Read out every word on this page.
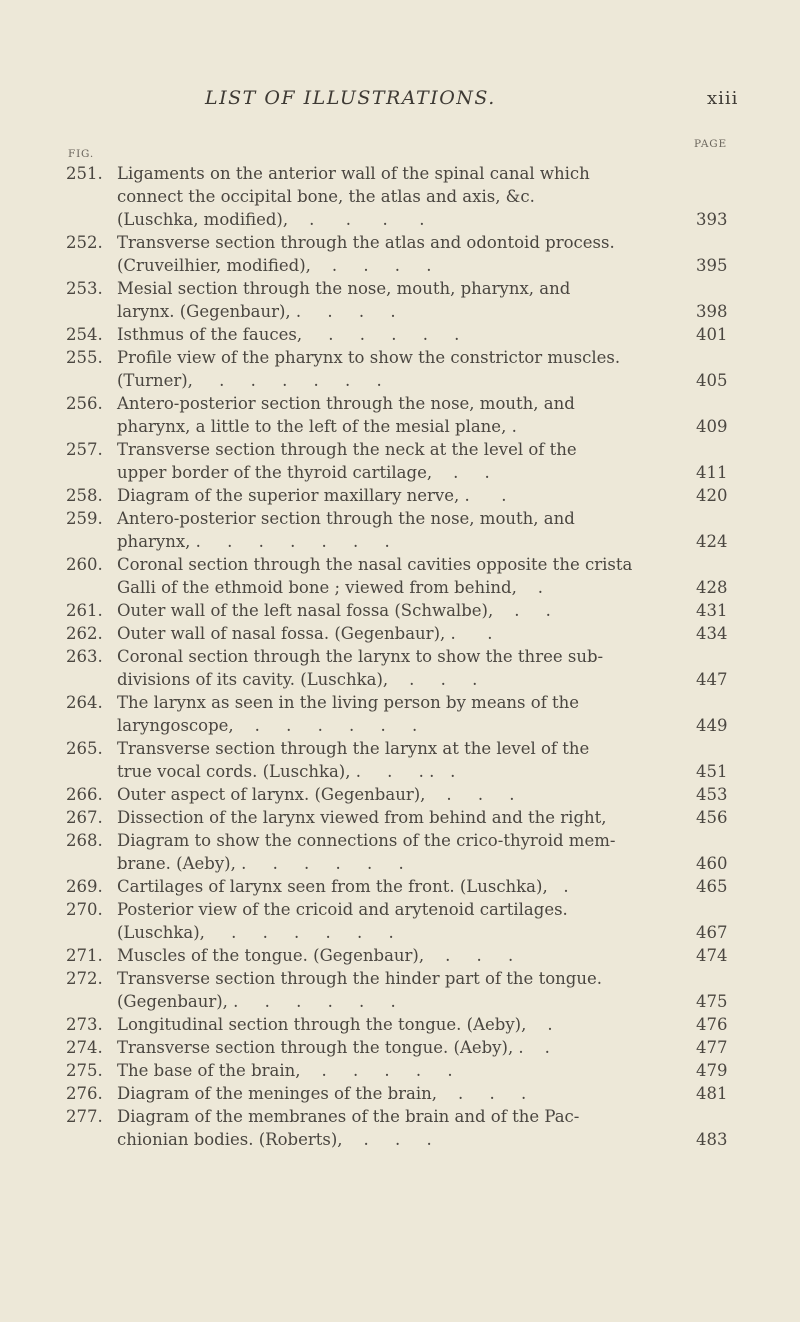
LIST OF ILLUSTRATIONS.	xiii
FIG.
PAGE
251. Ligaments on the anterior wall of the spinal canal which
connect the occipital bone, the atlas and axis, &c.
(Luschka, modified),    .      .      .      .	393
252. Transverse section through the atlas and odontoid process.
(Cruveilhier, modified),    .     .     .     .	395
253. Mesial section through the nose, mouth, pharynx, and
larynx. (Gegenbaur), .     .     .     .	398
254. Isthmus of the fauces,     .     .     .     .     .	401
255. Profile view of the pharynx to show the constrictor muscles.
(Turner),     .     .     .     .     .     .	405
256. Antero-posterior section through the nose, mouth, and
pharynx, a little to the left of the mesial plane, .	409
257. Transverse section through the neck at the level of the
upper border of the thyroid cartilage,    .     .	411
258. Diagram of the superior maxillary nerve, .      .	420
259. Antero-posterior section through the nose, mouth, and
pharynx, .     .     .     .     .     .     .	424
260. Coronal section through the nasal cavities opposite the crista
Galli of the ethmoid bone ; viewed from behind,    .	428
261. Outer wall of the left nasal fossa (Schwalbe),    .     .	431
262. Outer wall of nasal fossa. (Gegenbaur), .      .	434
263. Coronal section through the larynx to show the three sub-
divisions of its cavity. (Luschka),    .     .     .	447
264. The larynx as seen in the living person by means of the
laryngoscope,    .     .     .     .     .     .	449
265. Transverse section through the larynx at the level of the
true vocal cords. (Luschka), .     .     . .   .	451
266. Outer aspect of larynx. (Gegenbaur),    .     .     .	453
267. Dissection of the larynx viewed from behind and the right,	456
268. Diagram to show the connections of the crico-thyroid mem-
brane. (Aeby), .     .     .     .     .     .	460
269. Cartilages of larynx seen from the front. (Luschka),   .	465
270. Posterior view of the cricoid and arytenoid cartilages.
(Luschka),     .     .     .     .     .     .	467
271. Muscles of the tongue. (Gegenbaur),    .     .     .	474
272. Transverse section through the hinder part of the tongue.
(Gegenbaur), .     .     .     .     .     .	475
273. Longitudinal section through the tongue. (Aeby),    .	476
274. Transverse section through the tongue. (Aeby), .    .	477
275. The base of the brain,    .     .     .     .     .	479
276. Diagram of the meninges of the brain,    .     .     .	481
277. Diagram of the membranes of the brain and of the Pac-
chionian bodies. (Roberts),    .     .     .	483
